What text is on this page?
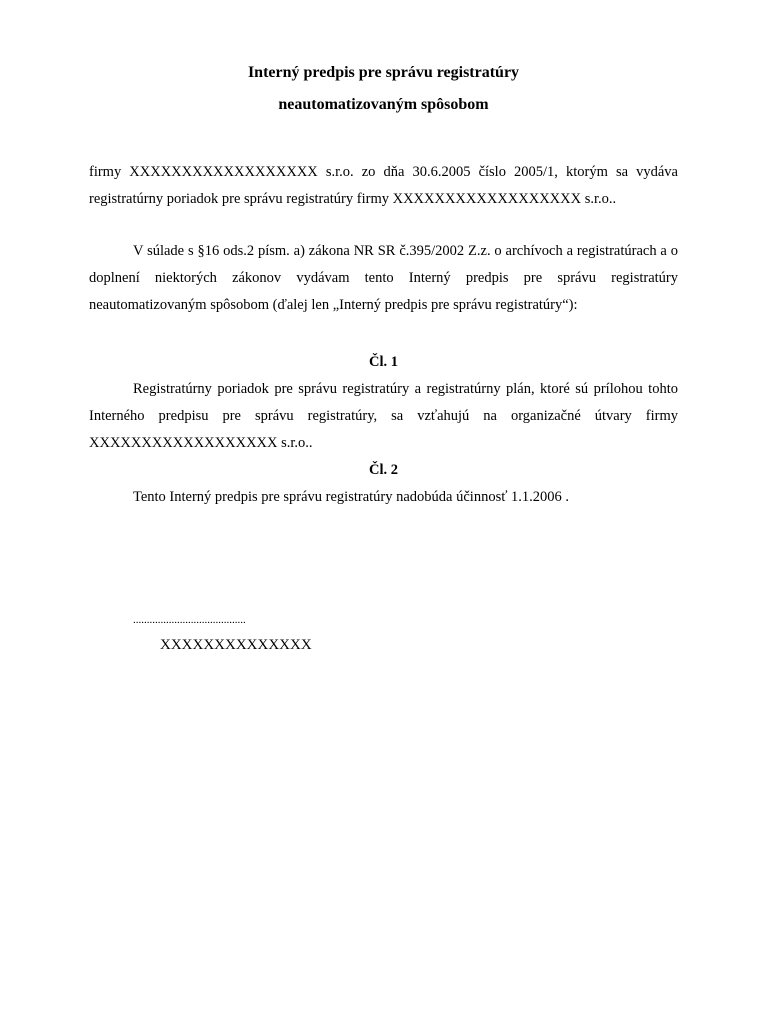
Interný predpis pre správu registratúry

neautomatizovaným spôsobom

firmy XXXXXXXXXXXXXXXXXX s.r.o. zo dňa 30.6.2005 číslo 2005/1, ktorým sa vydáva registratúrny poriadok pre správu registratúry firmy XXXXXXXXXXXXXXXXXX s.r.o..

V súlade s §16 ods.2 písm. a) zákona NR SR č.395/2002 Z.z. o archívoch a registratúrach a o doplnení niektorých zákonov vydávam tento Interný predpis pre správu registratúry neautomatizovaným spôsobom (ďalej len „Interný predpis pre správu registratúry“):

Čl. 1

Registratúrny poriadok pre správu registratúry a registratúrny plán, ktoré sú prílohou tohto Interného predpisu pre správu registratúry, sa vzťahujú na organizačné útvary firmy XXXXXXXXXXXXXXXXXX s.r.o..

Čl. 2

Tento Interný predpis pre správu registratúry nadobúda účinnosť 1.1.2006 .

.........................................
XXXXXXXXXXXXXX
